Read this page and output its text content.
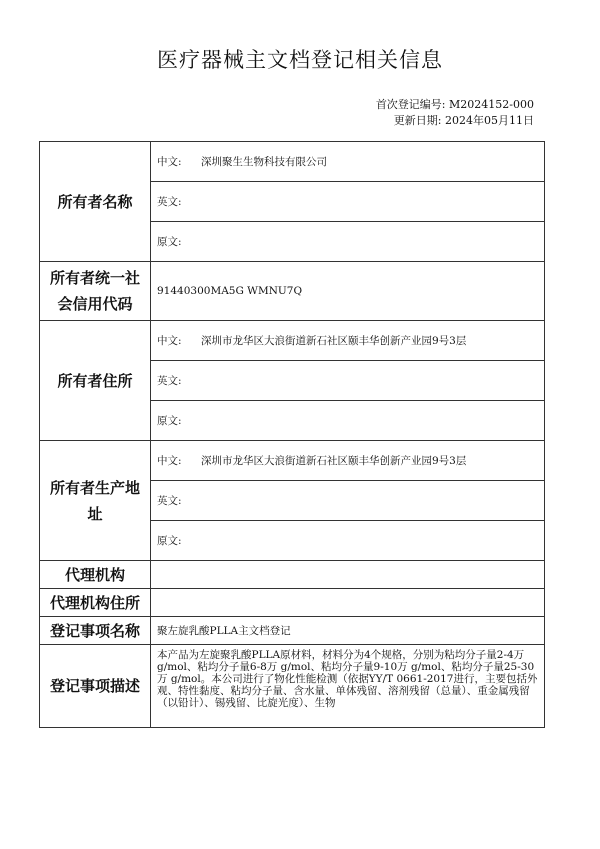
医疗器械主文档登记相关信息
首次登记编号: M2024152-000
更新日期: 2024年05月11日
所有者名称	中文: 深圳聚生生物科技有限公司
	英文:
	原文:

所有者统一社
会信用代码	91440300MA5G WMNU7Q
所有者住所	中文: 深圳市龙华区大浪街道新石社区颐丰华创新产业园9号3层
	英文:
	原文:

所有者生产地
址	中文: 深圳市龙华区大浪街道新石社区颐丰华创新产业园9号3层
	英文:
	原文:
代理机构	
代理机构住所	
登记事项名称	聚左旋乳酸PLLA主文档登记
登记事项描述	本产品为左旋聚乳酸PLLA原材料，材料分为4个规格，分别为粘均分子量2-4万 g/mol、粘均分子量6-8万 g/mol、粘均分子量9-10万 g/mol、粘均分子量25-30万 g/mol。本公司进行了物化性能检测（依据YY/T 0661-2017进行，主要包括外观、特性黏度、粘均分子量、含水量、单体残留、溶剂残留（总量）、重金属残留（以铅计）、锡残留、比旋光度）、生物
